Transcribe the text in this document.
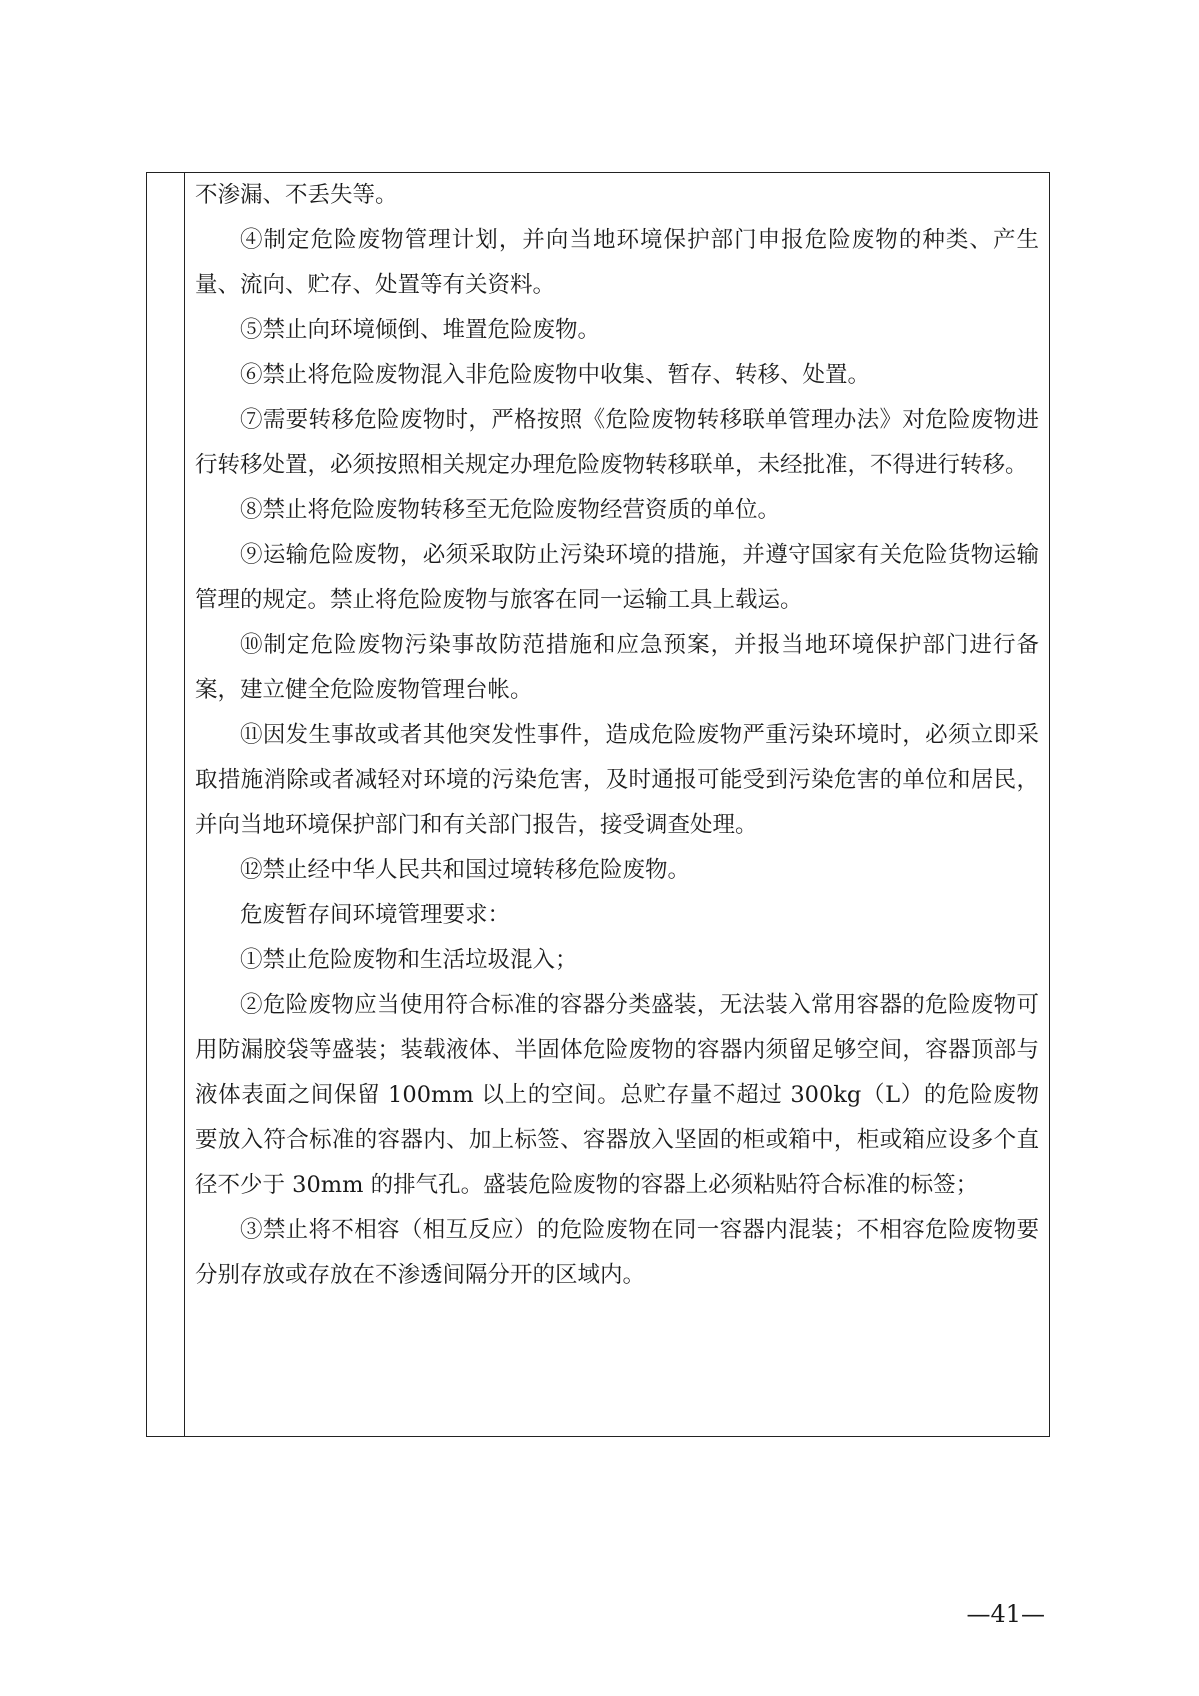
不渗漏、不丢失等。

④制定危险废物管理计划，并向当地环境保护部门申报危险废物的种类、产生量、流向、贮存、处置等有关资料。

⑤禁止向环境倾倒、堆置危险废物。

⑥禁止将危险废物混入非危险废物中收集、暂存、转移、处置。

⑦需要转移危险废物时，严格按照《危险废物转移联单管理办法》对危险废物进行转移处置，必须按照相关规定办理危险废物转移联单，未经批准，不得进行转移。

⑧禁止将危险废物转移至无危险废物经营资质的单位。

⑨运输危险废物，必须采取防止污染环境的措施，并遵守国家有关危险货物运输管理的规定。禁止将危险废物与旅客在同一运输工具上载运。

⑩制定危险废物污染事故防范措施和应急预案，并报当地环境保护部门进行备案，建立健全危险废物管理台帐。

⑪因发生事故或者其他突发性事件，造成危险废物严重污染环境时，必须立即采取措施消除或者减轻对环境的污染危害，及时通报可能受到污染危害的单位和居民，并向当地环境保护部门和有关部门报告，接受调查处理。

⑫禁止经中华人民共和国过境转移危险废物。

危废暂存间环境管理要求：

①禁止危险废物和生活垃圾混入；

②危险废物应当使用符合标准的容器分类盛装，无法装入常用容器的危险废物可用防漏胶袋等盛装；装载液体、半固体危险废物的容器内须留足够空间，容器顶部与液体表面之间保留 100mm 以上的空间。总贮存量不超过 300kg（L）的危险废物要放入符合标准的容器内、加上标签、容器放入坚固的柜或箱中，柜或箱应设多个直径不少于 30mm 的排气孔。盛装危险废物的容器上必须粘贴符合标准的标签；

③禁止将不相容（相互反应）的危险废物在同一容器内混装；不相容危险废物要分别存放或存放在不渗透间隔分开的区域内。

—41—
